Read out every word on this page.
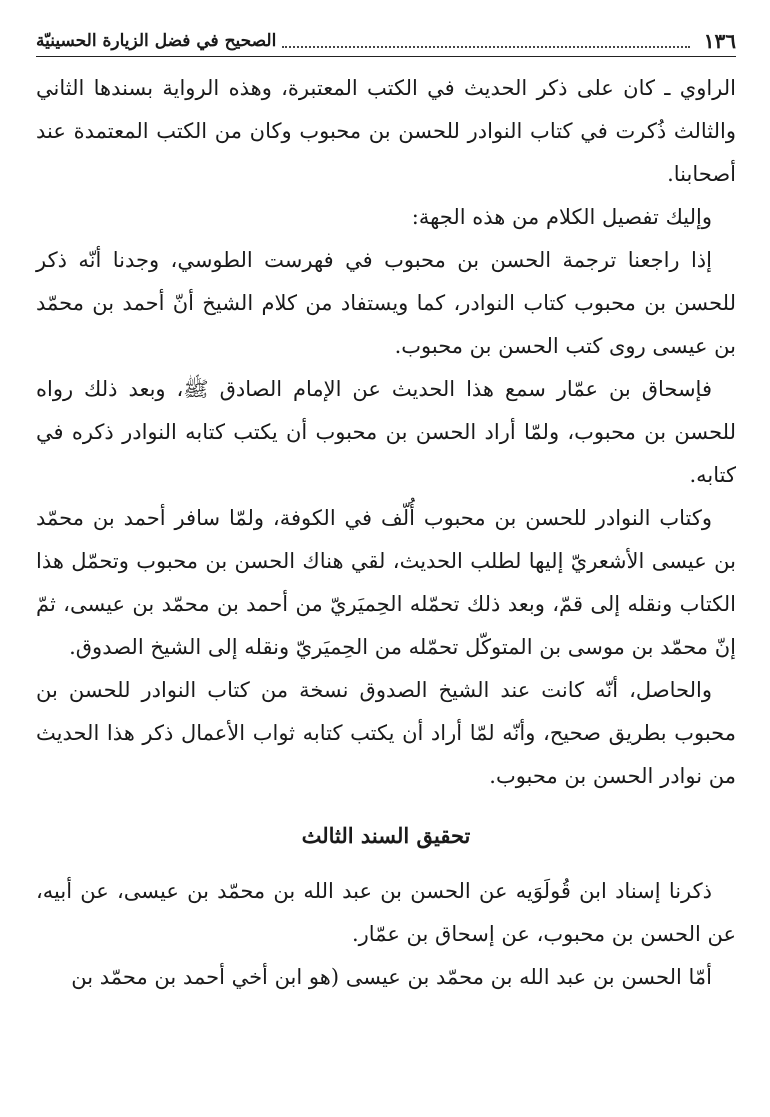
١٣٦
الصحيح في فضل الزيارة الحسينيّة

الراوي ـ كان على ذكر الحديث في الكتب المعتبرة، وهذه الرواية بسندها الثاني والثالث ذُكرت في كتاب النوادر للحسن بن محبوب وكان من الكتب المعتمدة عند أصحابنا.

وإليك تفصيل الكلام من هذه الجهة:

إذا راجعنا ترجمة الحسن بن محبوب في فهرست الطوسي، وجدنا أنّه ذكر للحسن بن محبوب كتاب النوادر، كما ويستفاد من كلام الشيخ أنّ أحمد بن محمّد بن عيسى روى كتب الحسن بن محبوب.

فإسحاق بن عمّار سمع هذا الحديث عن الإمام الصادق ﷺ، وبعد ذلك رواه للحسن بن محبوب، ولمّا أراد الحسن بن محبوب أن يكتب كتابه النوادر ذكره في كتابه.

وكتاب النوادر للحسن بن محبوب أُلّف في الكوفة، ولمّا سافر أحمد بن محمّد بن عيسى الأشعريّ إليها لطلب الحديث، لقي هناك الحسن بن محبوب وتحمّل هذا الكتاب ونقله إلى قمّ، وبعد ذلك تحمّله الحِميَريّ من أحمد بن محمّد بن عيسى، ثمّ إنّ محمّد بن موسى بن المتوكّل تحمّله من الحِميَريّ ونقله إلى الشيخ الصدوق.

والحاصل، أنّه كانت عند الشيخ الصدوق نسخة من كتاب النوادر للحسن بن محبوب بطريق صحيح، وأنّه لمّا أراد أن يكتب كتابه ثواب الأعمال ذكر هذا الحديث من نوادر الحسن بن محبوب.

تحقيق السند الثالث

ذكرنا إسناد ابن قُولَوَيه عن الحسن بن عبد الله بن محمّد بن عيسى، عن أبيه، عن الحسن بن محبوب، عن إسحاق بن عمّار.

أمّا الحسن بن عبد الله بن محمّد بن عيسى (هو ابن أخي أحمد بن محمّد بن
